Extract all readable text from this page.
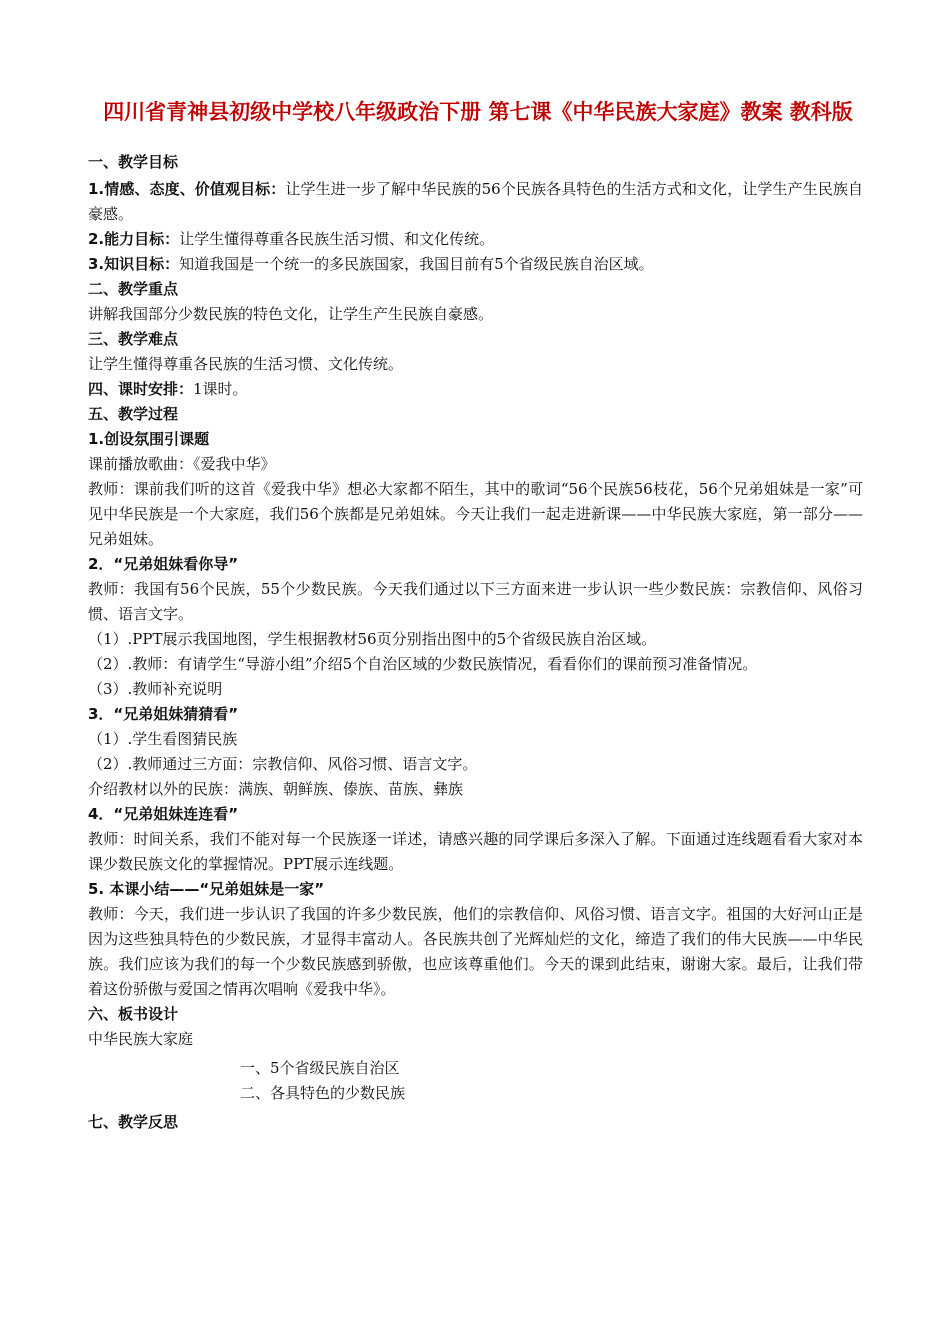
四川省青神县初级中学校八年级政治下册 第七课《中华民族大家庭》教案 教科版
一、教学目标
1.情感、态度、价值观目标：让学生进一步了解中华民族的56个民族各具特色的生活方式和文化，让学生产生民族自豪感。
2.能力目标：让学生懂得尊重各民族生活习惯、和文化传统。
3.知识目标：知道我国是一个统一的多民族国家，我国目前有5个省级民族自治区域。
二、教学重点
讲解我国部分少数民族的特色文化，让学生产生民族自豪感。
三、教学难点
让学生懂得尊重各民族的生活习惯、文化传统。
四、课时安排：1课时。
五、教学过程
1.创设氛围引课题
课前播放歌曲：《爱我中华》
教师：课前我们听的这首《爱我中华》想必大家都不陌生，其中的歌词“56个民族56枝花，56个兄弟姐妹是一家”可见中华民族是一个大家庭，我们56个族都是兄弟姐妹。今天让我们一起走进新课——中华民族大家庭，第一部分——兄弟姐妹。
2．“兄弟姐妹看你导”
教师：我国有56个民族，55个少数民族。今天我们通过以下三方面来进一步认识一些少数民族：宗教信仰、风俗习惯、语言文字。
（1）.PPT展示我国地图，学生根据教材56页分别指出图中的5个省级民族自治区域。
（2）.教师：有请学生“导游小组”介绍5个自治区域的少数民族情况，看看你们的课前预习准备情况。
（3）.教师补充说明
3．“兄弟姐妹猜猜看”
（1）.学生看图猜民族
（2）.教师通过三方面：宗教信仰、风俗习惯、语言文字。
介绍教材以外的民族：满族、朝鲜族、傣族、苗族、彝族
4．“兄弟姐妹连连看”
教师：时间关系，我们不能对每一个民族逐一详述，请感兴趣的同学课后多深入了解。下面通过连线题看看大家对本课少数民族文化的掌握情况。PPT展示连线题。
5. 本课小结——“兄弟姐妹是一家”
教师：今天，我们进一步认识了我国的许多少数民族，他们的宗教信仰、风俗习惯、语言文字。祖国的大好河山正是因为这些独具特色的少数民族，才显得丰富动人。各民族共创了光辉灿烂的文化，缔造了我们的伟大民族——中华民族。我们应该为我们的每一个少数民族感到骄傲，也应该尊重他们。今天的课到此结束，谢谢大家。最后，让我们带着这份骄傲与爱国之情再次唱响《爱我中华》。
六、板书设计
中华民族大家庭
一、5个省级民族自治区
二、各具特色的少数民族
七、教学反思
